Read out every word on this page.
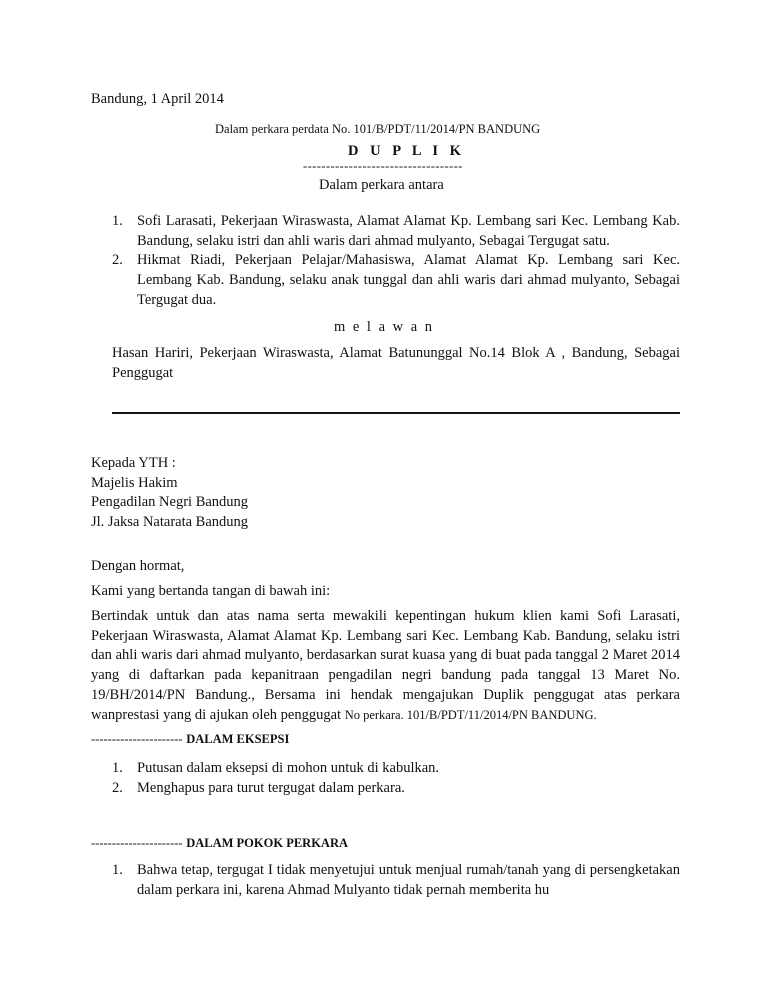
Bandung, 1 April 2014
Dalam perkara perdata No. 101/B/PDT/11/2014/PN BANDUNG
D U P L I K
-----------------------------------
Dalam perkara antara
1. Sofi Larasati, Pekerjaan Wiraswasta, Alamat Alamat Kp. Lembang sari Kec. Lembang Kab. Bandung, selaku istri dan ahli waris dari ahmad mulyanto, Sebagai Tergugat satu.
2. Hikmat Riadi, Pekerjaan Pelajar/Mahasiswa, Alamat Alamat Kp. Lembang sari Kec. Lembang Kab. Bandung, selaku anak tunggal dan ahli waris dari ahmad mulyanto, Sebagai Tergugat dua.
m e l a w a n
Hasan Hariri, Pekerjaan Wiraswasta, Alamat Batununggal No.14 Blok A , Bandung, Sebagai Penggugat
Kepada YTH :
Majelis Hakim
Pengadilan Negri Bandung
Jl. Jaksa Natarata Bandung
Dengan hormat,
Kami yang bertanda tangan di bawah ini:
Bertindak untuk dan atas nama serta mewakili kepentingan hukum klien kami Sofi Larasati, Pekerjaan Wiraswasta, Alamat Alamat Kp. Lembang sari Kec. Lembang Kab. Bandung, selaku istri dan ahli waris dari ahmad mulyanto, berdasarkan surat kuasa yang di buat pada tanggal 2 Maret 2014 yang di daftarkan pada kepanitraan pengadilan negri bandung pada tanggal 13 Maret No. 19/BH/2014/PN Bandung., Bersama ini hendak mengajukan Duplik penggugat atas perkara wanprestasi yang di ajukan oleh penggugat No perkara. 101/B/PDT/11/2014/PN BANDUNG.
---------------------- DALAM EKSEPSI
1. Putusan dalam eksepsi di mohon untuk di kabulkan.
2. Menghapus para turut tergugat dalam perkara.
---------------------- DALAM POKOK PERKARA
1. Bahwa tetap, tergugat I tidak menyetujui untuk menjual rumah/tanah yang di persengketakan dalam perkara ini, karena Ahmad Mulyanto tidak pernah memberita hu
